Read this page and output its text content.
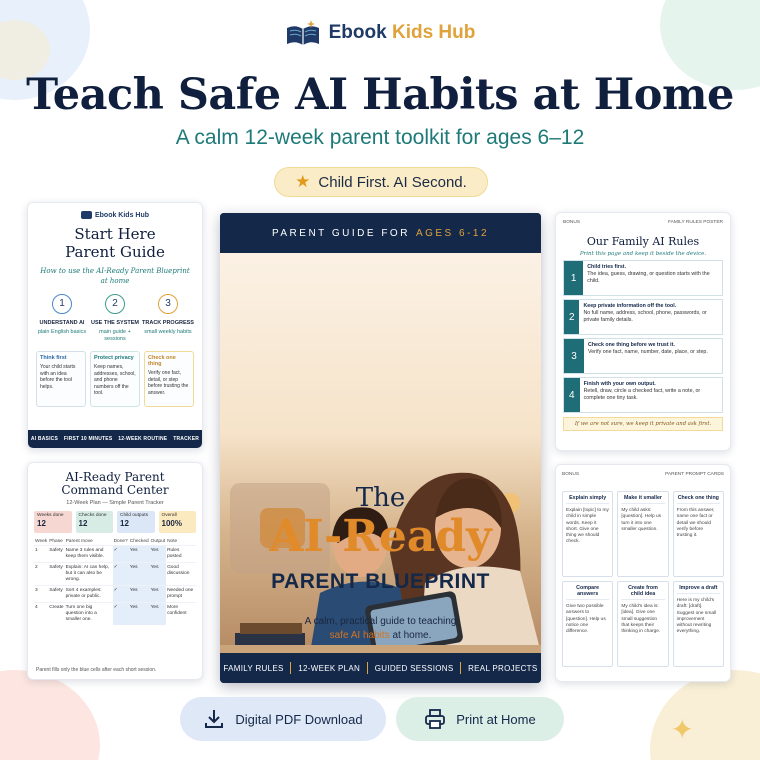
Ebook Kids Hub
Teach Safe AI Habits at Home
A calm 12-week parent toolkit for ages 6–12
★ Child First. AI Second.
Ebook Kids Hub
Start Here
Parent Guide
How to use the AI-Ready Parent Blueprint at home
1
UNDERSTAND AI
plain English basics
2
USE THE SYSTEM
main guide + sessions
3
TRACK PROGRESS
small weekly habits
Think first
Your child starts with an idea before the tool helps.
Protect privacy
Keep names, addresses, school, and phone numbers off the tool.
Check one thing
Verify one fact, detail, or step before trusting the answer.
AI BASICS FIRST 10 MINUTES 12-WEEK ROUTINE TRACKER
AI-Ready Parent
Command Center
12-Week Plan — Simple Parent Tracker
Weeks done
12
Checks done
12
Child outputs
12
Overall
100%
Week	Phase	Parent move	Done?	Checked	Output	Note
1	Safety	Name 3 rules and keep them visible.	✓	Yes	Yes	Rules posted
2	Safety	Explain: AI can help, but it can also be wrong.	✓	Yes	Yes	Good discussion
3	Safety	Sort 4 examples: private or public.	✓	Yes	Yes	Needed one prompt
4	Create	Turn one big question into a smaller one.	✓	Yes	Yes	More confident
Parent fills only the blue cells after each short session.
PARENT GUIDE FOR AGES 6-12
The
AI-Ready
PARENT BLUEPRINT
A calm, practical guide to teaching
safe AI habits at home.
FAMILY RULES 12-WEEK PLAN GUIDED SESSIONS REAL PROJECTS
BONUS	FAMILY RULES POSTER
Our Family AI Rules
Print this page and keep it beside the device.
1
Child tries first.
The idea, guess, drawing, or question starts with the child.
2
Keep private information off the tool.
No full name, address, school, phone, passwords, or private family details.
3
Check one thing before we trust it.
Verify one fact, name, number, date, place, or step.
4
Finish with your own output.
Retell, draw, circle a checked fact, write a note, or complete one tiny task.
If we are not sure, we keep it private and ask first.
BONUS	PARENT PROMPT CARDS
Explain simply
Explain [topic] to my child in simple words. Keep it short. Give one thing we should check.
Make it smaller
My child asks: [question]. Help us turn it into one smaller question.
Check one thing
From this answer, name one fact or detail we should verify before trusting it.
Compare answers
Give two possible answers to [question]. Help us notice one difference.
Create from child idea
My child's idea is: [idea]. Give one small suggestion that keeps their thinking in charge.
Improve a draft
Here is my child's draft: [draft]. Suggest one small improvement without rewriting everything.
Digital PDF Download	Print at Home	✦
